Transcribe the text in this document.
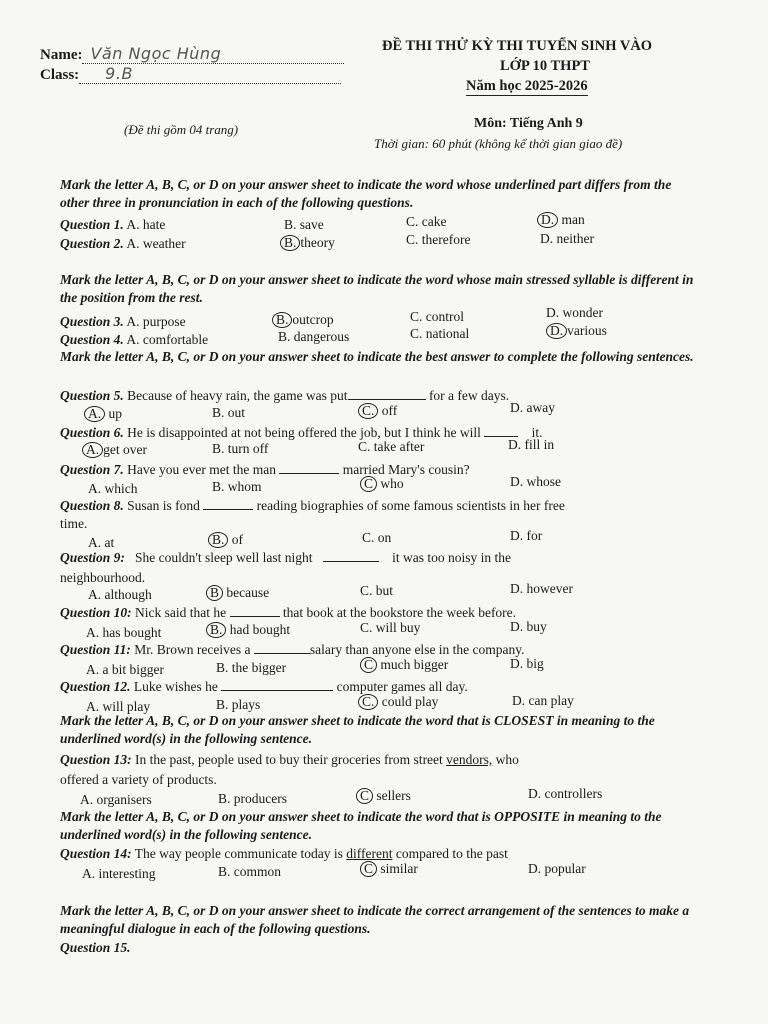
Name: Văn Ngọc Hùng
Class: 9.B
ĐỀ THI THỬ KỲ THI TUYỂN SINH VÀO
LỚP 10 THPT
Năm học 2025-2026
(Đề thi gồm 04 trang)	Môn: Tiếng Anh 9
Thời gian: 60 phút (không kể thời gian giao đề)
Mark the letter A, B, C, or D on your answer sheet to indicate the word whose underlined part differs from the other three in pronunciation in each of the following questions.
Question 1. A. hate	B. save	C. cake	D. man
Question 2. A. weather	B. theory	C. therefore	D. neither
Mark the letter A, B, C, or D on your answer sheet to indicate the word whose main stressed syllable is different in the position from the rest.
Question 3. A. purpose	B. outcrop	C. control	D. wonder
Question 4. A. comfortable	B. dangerous	C. national	D. various
Mark the letter A, B, C, or D on your answer sheet to indicate the best answer to complete the following sentences.
Question 5. Because of heavy rain, the game was put	for a few days.
A. up	B. out	C. off	D. away
Question 6. He is disappointed at not being offered the job, but I think he will	it.
A. get over	B. turn off	C. take after	D. fill in
Question 7. Have you ever met the man	married Mary's cousin?
A. which	B. whom	C who	D. whose
Question 8. Susan is fond	reading biographies of some famous scientists in her free
time.
A. at	B. of	C. on	D. for
Question 9: She couldn't sleep well last night	it was too noisy in the
neighbourhood.
A. although	B because	C. but	D. however
Question 10: Nick said that he	that book at the bookstore the week before.
A. has bought	B. had bought	C. will buy	D. buy
Question 11: Mr. Brown receives a	salary than anyone else in the company.
A. a bit bigger	B. the bigger	C much bigger	D. big
Question 12. Luke wishes he	computer games all day.
A. will play	B. plays	C. could play	D. can play
Mark the letter A, B, C, or D on your answer sheet to indicate the word that is CLOSEST in meaning to the underlined word(s) in the following sentence.
Question 13: In the past, people used to buy their groceries from street vendors, who
offered a variety of products.
A. organisers	B. producers	C sellers	D. controllers
Mark the letter A, B, C, or D on your answer sheet to indicate the word that is OPPOSITE in meaning to the underlined word(s) in the following sentence.
Question 14: The way people communicate today is different compared to the past
A. interesting	B. common	C similar	D. popular
Mark the letter A, B, C, or D on your answer sheet to indicate the correct arrangement of the sentences to make a meaningful dialogue in each of the following questions.
Question 15.
